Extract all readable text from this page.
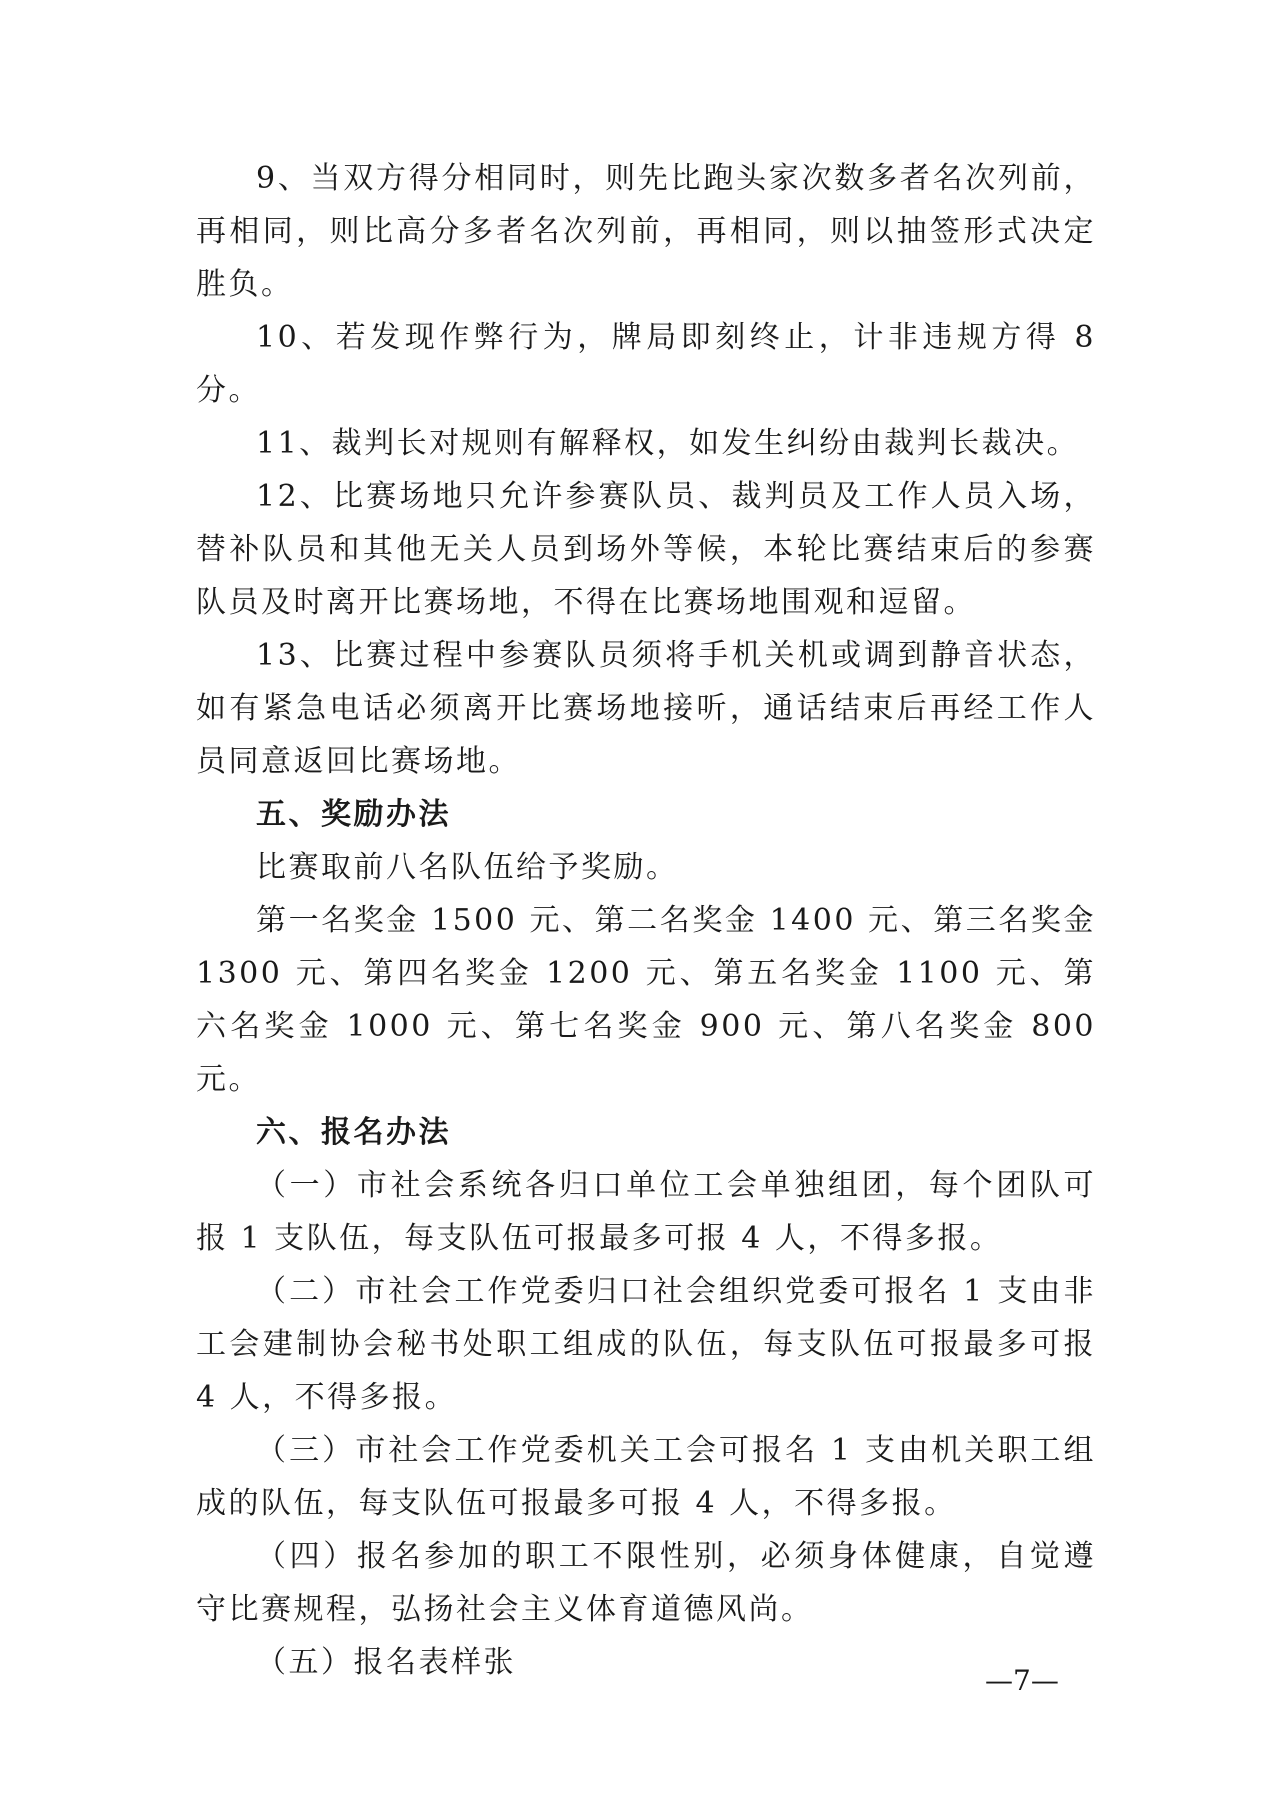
9、当双方得分相同时，则先比跑头家次数多者名次列前，再相同，则比高分多者名次列前，再相同，则以抽签形式决定胜负。

10、若发现作弊行为，牌局即刻终止，计非违规方得 8 分。

11、裁判长对规则有解释权，如发生纠纷由裁判长裁决。

12、比赛场地只允许参赛队员、裁判员及工作人员入场，替补队员和其他无关人员到场外等候，本轮比赛结束后的参赛队员及时离开比赛场地，不得在比赛场地围观和逗留。

13、比赛过程中参赛队员须将手机关机或调到静音状态，如有紧急电话必须离开比赛场地接听，通话结束后再经工作人员同意返回比赛场地。

五、奖励办法

比赛取前八名队伍给予奖励。

第一名奖金 1500 元、第二名奖金 1400 元、第三名奖金 1300 元、第四名奖金 1200 元、第五名奖金 1100 元、第六名奖金 1000 元、第七名奖金 900 元、第八名奖金 800 元。

六、报名办法

（一）市社会系统各归口单位工会单独组团，每个团队可报 1 支队伍，每支队伍可报最多可报 4 人，不得多报。

（二）市社会工作党委归口社会组织党委可报名 1 支由非工会建制协会秘书处职工组成的队伍，每支队伍可报最多可报 4 人，不得多报。

（三）市社会工作党委机关工会可报名 1 支由机关职工组成的队伍，每支队伍可报最多可报 4 人，不得多报。

（四）报名参加的职工不限性别，必须身体健康，自觉遵守比赛规程，弘扬社会主义体育道德风尚。

（五）报名表样张

—7—
